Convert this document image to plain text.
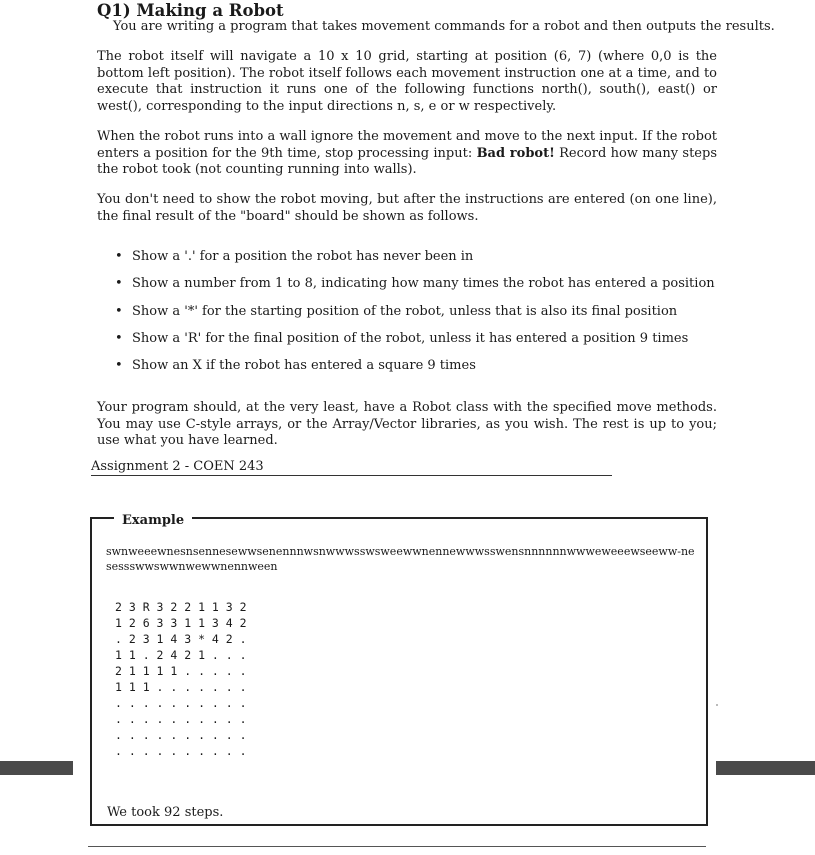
Q1) Making a Robot
You are writing a program that takes movement commands for a robot and then outputs the results.
The robot itself will navigate a 10 x 10 grid, starting at position (6, 7) (where 0,0 is the bottom left position). The robot itself follows each movement instruction one at a time, and to execute that instruction it runs one of the following functions north(), south(), east() or west(), corresponding to the input directions n, s, e or w respectively.
When the robot runs into a wall ignore the movement and move to the next input. If the robot enters a position for the 9th time, stop processing input: Bad robot! Record how many steps the robot took (not counting running into walls).
You don't need to show the robot moving, but after the instructions are entered (on one line), the final result of the "board" should be shown as follows.
• Show a '.' for a position the robot has never been in
• Show a number from 1 to 8, indicating how many times the robot has entered a position
• Show a '*' for the starting position of the robot, unless that is also its final position
• Show a 'R' for the final position of the robot, unless it has entered a position 9 times
• Show an X if the robot has entered a square 9 times
Your program should, at the very least, have a Robot class with the specified move methods. You may use C-style arrays, or the Array/Vector libraries, as you wish. The rest is up to you; use what you have learned.
Assignment 2 - COEN 243
Example
swnweeewnesnsennesewwsenennnwsnwwwsswsweewwnennewwwsswensnnnnnnwwweweeewseeww-nesessswwswwnwewwnennween
2 3 R 3 2 2 1 1 3 2
1 2 6 3 3 1 1 3 4 2
. 2 3 1 4 3 * 4 2 .
1 1 . 2 4 2 1 . . .
2 1 1 1 1 . . . . .
1 1 1 . . . . . . .
. . . . . . . . . .
. . . . . . . . . .
. . . . . . . . . .
. . . . . . . . . .
We took 92 steps.
